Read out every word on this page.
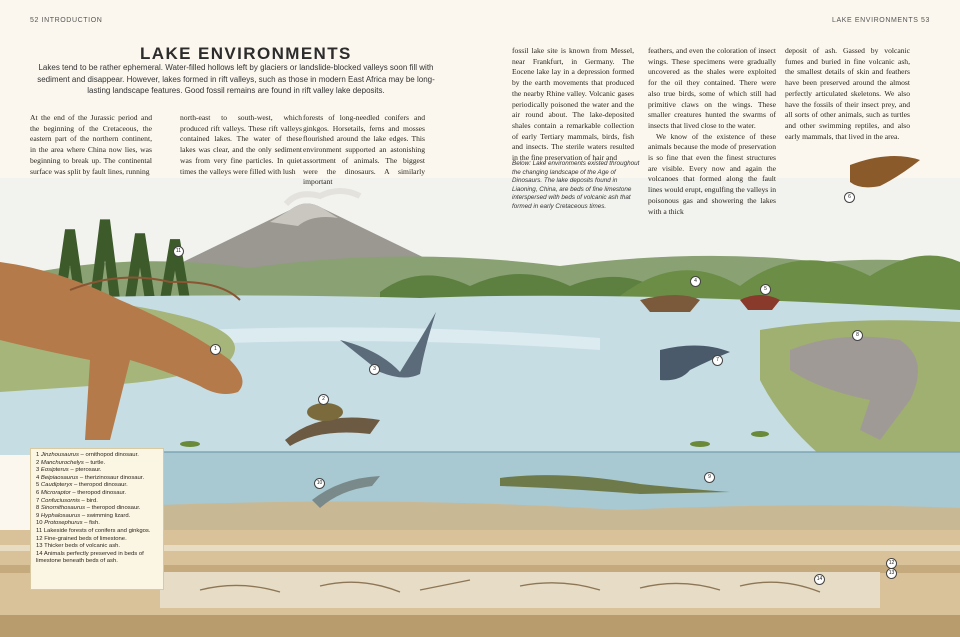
52 INTRODUCTION	LAKE ENVIRONMENTS 53
LAKE ENVIRONMENTS
Lakes tend to be rather ephemeral. Water-filled hollows left by glaciers or landslide-blocked valleys soon fill with sediment and disappear. However, lakes formed in rift valleys, such as those in modern East Africa may be long-lasting landscape features. Good fossil remains are found in rift valley lake deposits.

At the end of the Jurassic period and the beginning of the Cretaceous, the eastern part of the northern continent, in the area where China now lies, was beginning to break up. The continental surface was split by fault lines, running

north-east to south-west, which produced rift valleys. These rift valleys contained lakes. The water of these lakes was clear, and the only sediment was from very fine particles. In quiet times the valleys were filled with lush

forests of long-needled conifers and ginkgos. Horsetails, ferns and mosses flourished around the lake edges. This environment supported an astonishing assortment of animals. The biggest were the dinosaurs. A similarly important

fossil lake site is known from Messel, near Frankfurt, in Germany. The Eocene lake lay in a depression formed by the earth movements that produced the nearby Rhine valley. Volcanic gases periodically poisoned the water and the air round about. The lake-deposited shales contain a remarkable collection of early Tertiary mammals, birds, fish and insects. The sterile waters resulted in the fine preservation of hair and

feathers, and even the coloration of insect wings. These specimens were gradually uncovered as the shales were exploited for the oil they contained. There were also true birds, some of which still had primitive claws on the wings. These smaller creatures hunted the swarms of insects that lived close to the water.

We know of the existence of these animals because the mode of preservation is so fine that even the finest structures are visible. Every now and again the volcanoes that formed along the fault lines would erupt, engulfing the valleys in poisonous gas and showering the lakes with a thick

deposit of ash. Gassed by volcanic fumes and buried in fine volcanic ash, the smallest details of skin and feathers have been preserved around the almost perfectly articulated skeletons. We also have the fossils of their insect prey, and all sorts of other animals, such as turtles and other swimming reptiles, and also early mammals, that lived in the area.

Below: Lake environments existed throughout the changing landscape of the Age of Dinosaurs. The lake deposits found in Liaoning, China, are beds of fine limestone interspersed with beds of volcanic ash that formed in early Cretaceous times.
1 Jinzhousaurus – ornithopod dinosaur.
2 Manchurochelys – turtle.
3 Eosipterus – pterosaur.
4 Beipiaosaurus – therizinosaur dinosaur.
5 Caudipteryx – theropod dinosaur.
6 Microraptor – theropod dinosaur.
7 Confuciusornis – bird.
8 Sinornithosaurus – theropod dinosaur.
9 Hyphalosaurus – swimming lizard.
10 Protosephurus – fish.
11 Lakeside forests of conifers and ginkgos.
12 Fine-grained beds of limestone.
13 Thicker beds of volcanic ash.
14 Animals perfectly preserved in beds of limestone beneath beds of ash.
1
2
3
4
5
6
7
8
9
10
11
12
13
14
